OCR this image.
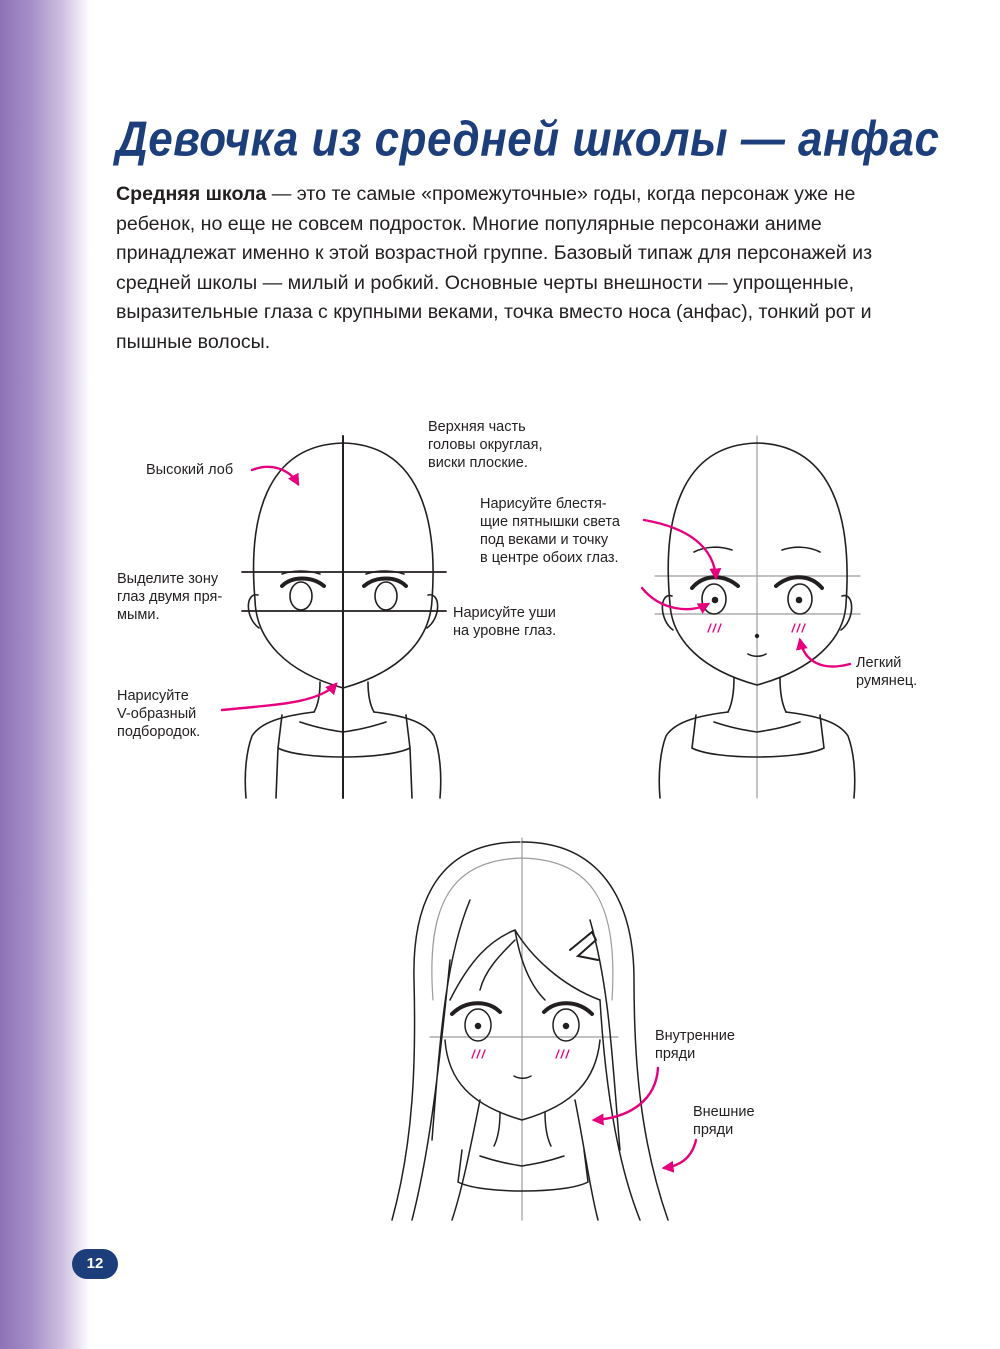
Девочка из средней школы — анфас

Средняя школа — это те самые «промежуточные» годы, когда персонаж уже не ребенок, но еще не совсем подросток. Многие популярные персонажи аниме принадлежат именно к этой возрастной группе. Базовый типаж для персонажей из средней школы — милый и робкий. Основные черты внешности — упрощенные, выразительные глаза с крупными веками, точка вместо носа (анфас), тонкий рот и пышные волосы.

Высокий лоб
Выделите зону
глаз двумя пря-
мыми.
Нарисуйте
V-образный
подбородок.
Верхняя часть
головы округлая,
виски плоские.
Нарисуйте уши
на уровне глаз.
Нарисуйте блестя-
щие пятнышки света
под веками и точку
в центре обоих глаз.
Легкий
румянец.
Внутренние
пряди
Внешние
пряди
12
